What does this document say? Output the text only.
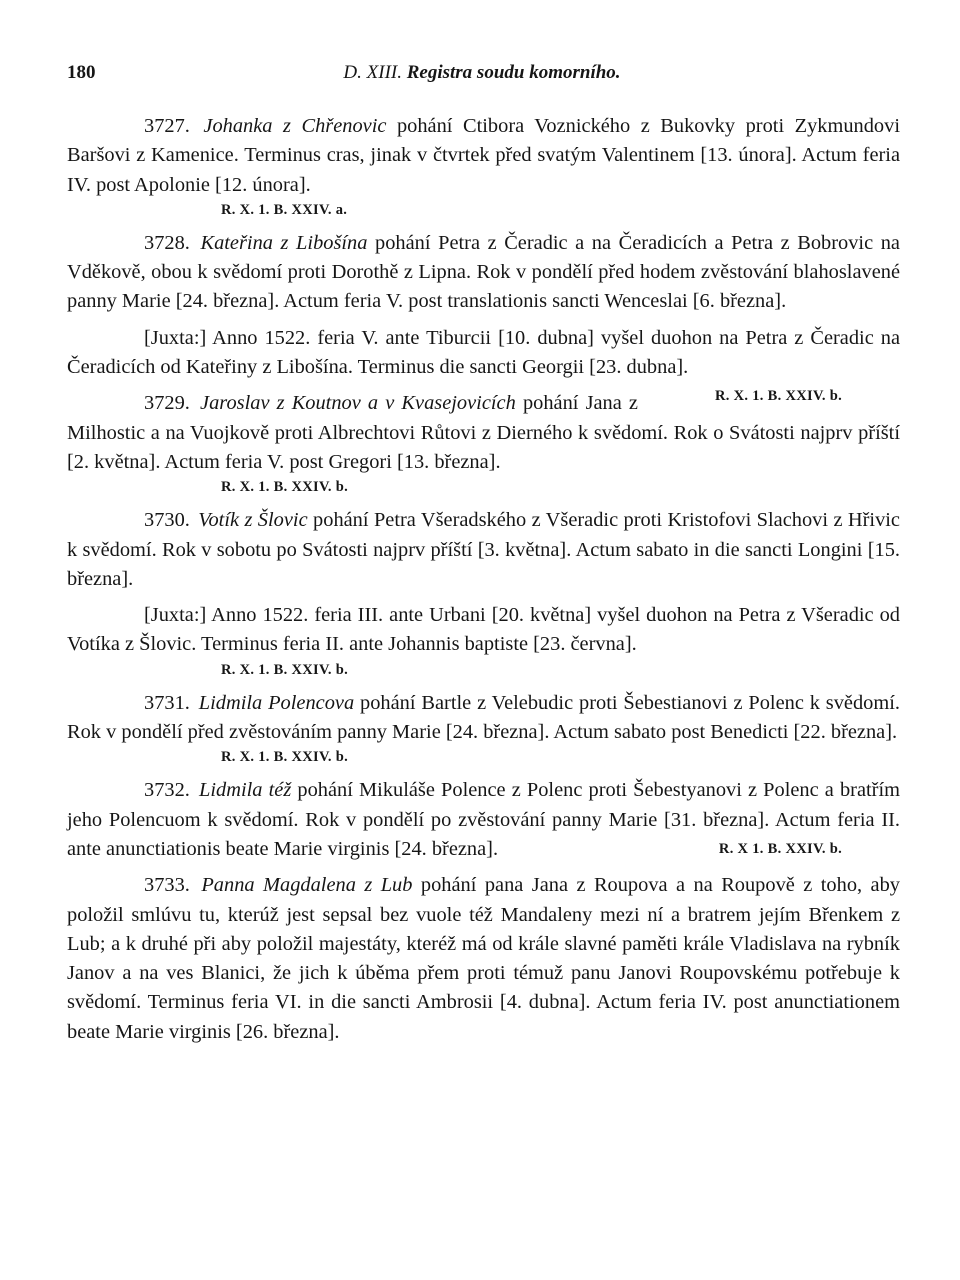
180	D. XIII. Registra soudu komorního.

3727. Johanka z Chřenovic pohání Ctibora Voznického z Bukovky proti Zykmundovi Baršovi z Kamenice. Terminus cras, jinak v čtvrtek před svatým Valentinem [13. února]. Actum feria IV. post Apolonie [12. února].
R. X. 1. B. XXIV. a.

3728. Kateřina z Libošína pohání Petra z Čeradic a na Čeradicích a Petra z Bobrovic na Vděkově, obou k svědomí proti Dorothě z Lipna. Rok v pondělí před hodem zvěstování blahoslavené panny Marie [24. března]. Actum feria V. post translationis sancti Wenceslai [6. března].

[Juxta:] Anno 1522. feria V. ante Tiburcii [10. dubna] vyšel duohon na Petra z Čeradic na Čeradicích od Kateřiny z Libošína. Terminus die sancti Georgii [23. dubna].
R. X. 1. B. XXIV. b.

3729. Jaroslav z Koutnov a v Kvasejovicích pohání Jana z Milhostic a na Vuojkově proti Albrechtovi Růtovi z Dierného k svědomí. Rok o Svátosti najprv příští [2. května]. Actum feria V. post Gregori [13. března].
R. X. 1. B. XXIV. b.

3730. Votík z Šlovic pohání Petra Všeradského z Všeradic proti Kristofovi Slachovi z Hřivic k svědomí. Rok v sobotu po Svátosti najprv příští [3. května]. Actum sabato in die sancti Longini [15. března].

[Juxta:] Anno 1522. feria III. ante Urbani [20. května] vyšel duohon na Petra z Všeradic od Votíka z Šlovic. Terminus feria II. ante Johannis baptiste [23. června].
R. X. 1. B. XXIV. b.

3731. Lidmila Polencova pohání Bartle z Velebudic proti Šebestianovi z Polenc k svědomí. Rok v pondělí před zvěstováním panny Marie [24. března]. Actum sabato post Benedicti [22. března].
R. X. 1. B. XXIV. b.

3732. Lidmila též pohání Mikuláše Polence z Polenc proti Šebestyanovi z Polenc a bratřím jeho Polencuom k svědomí. Rok v pondělí po zvěstování panny Marie [31. března]. Actum feria II. ante anunctiationis beate Marie virginis [24. března].	R. X 1. B. XXIV. b.

3733. Panna Magdalena z Lub pohání pana Jana z Roupova a na Roupově z toho, aby položil smlúvu tu, kterúž jest sepsal bez vuole též Mandaleny mezi ní a bratrem jejím Břenkem z Lub; a k druhé při aby položil majestáty, kteréž má od krále slavné paměti krále Vladislava na rybník Janov a na ves Blanici, že jich k úběma přem proti témuž panu Janovi Roupovskému potřebuje k svědomí. Terminus feria VI. in die sancti Ambrosii [4. dubna]. Actum feria IV. post anunctiationem beate Marie virginis [26. března].
